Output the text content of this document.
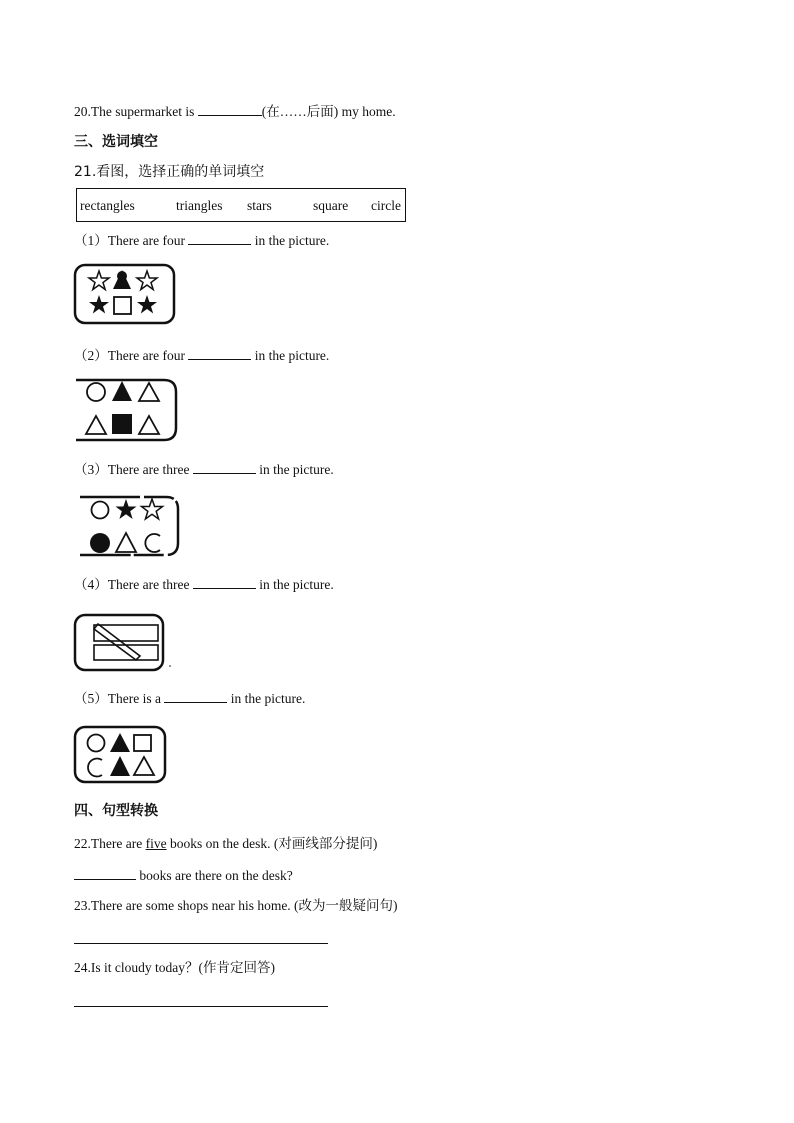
20.The supermarket is	(在……后面) my home.
三、选词填空
21.看图，选择正确的单词填空
rectangles	triangles stars	square circle
（1）There are four	in the picture.
（2）There are four	in the picture.
（3）There are three	in the picture.
（4）There are three	in the picture.
（5）There is a	in the picture.
四、句型转换
22.There are five books on the desk. (对画线部分提问)
books are there on the desk?
23.There are some shops near his home. (改为一般疑问句)
24.Is it cloudy today？(作肯定回答)
